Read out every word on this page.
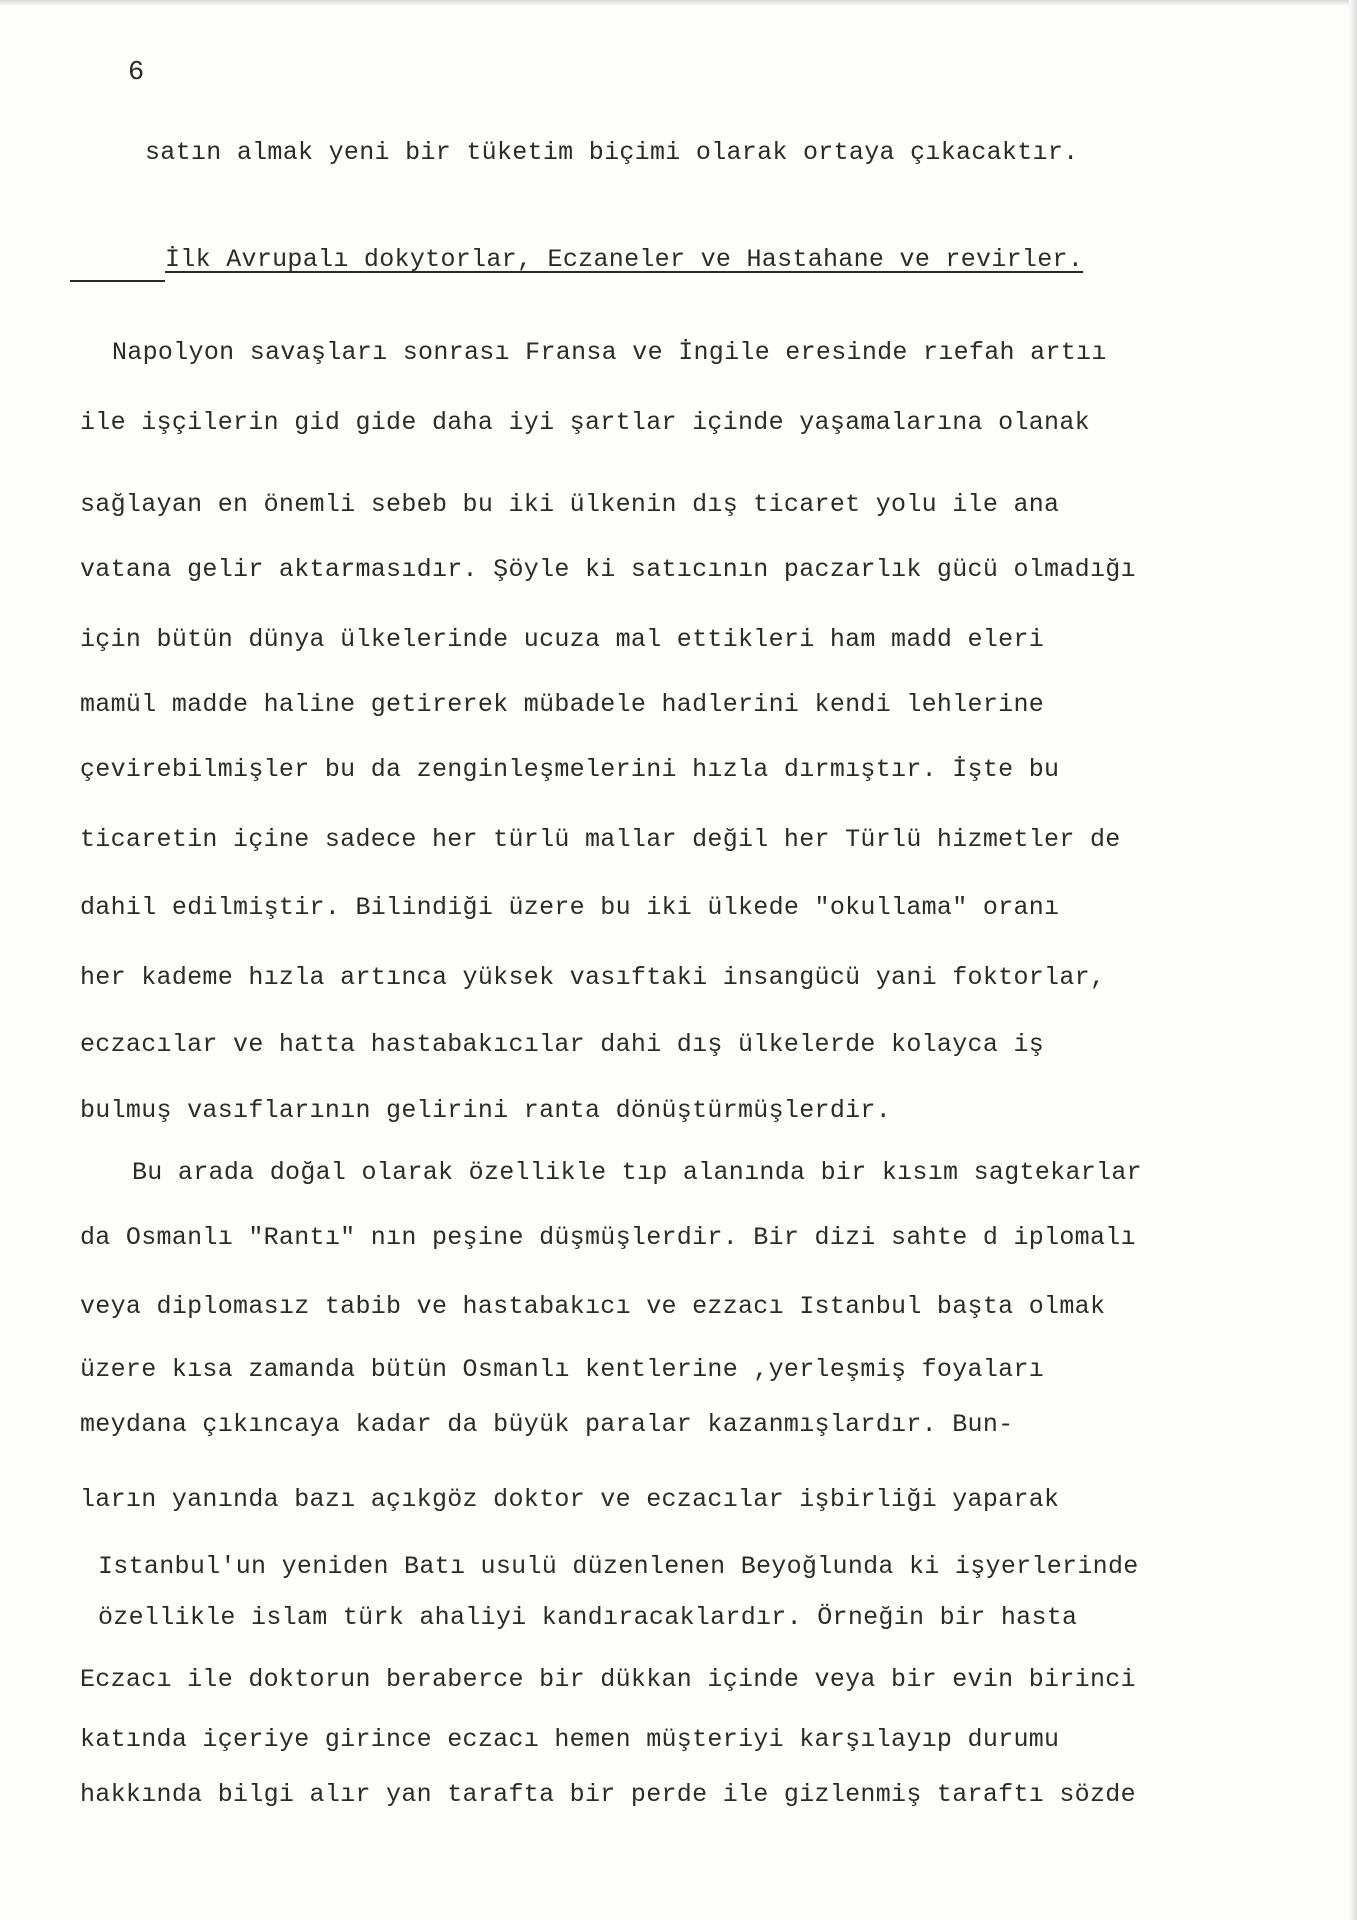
6
satın almak yeni bir tüketim biçimi olarak ortaya çıkacaktır.
İlk Avrupalı dokytorlar, Eczaneler ve Hastahane ve revirler.
Napolyon savaşları sonrası Fransa ve İngile eresinde rıefah artıı
ile işçilerin gid gide daha iyi şartlar içinde yaşamalarına olanak
sağlayan en önemli sebeb bu iki ülkenin dış ticaret yolu ile ana
vatana gelir aktarmasıdır. Şöyle ki satıcının paczarlık gücü olmadığı
için bütün dünya ülkelerinde ucuza mal ettikleri ham madd eleri
mamül madde haline getirerek mübadele hadlerini kendi lehlerine
çevirebilmişler bu da zenginleşmelerini hızla dırmıştır. İşte bu
ticaretin içine sadece her türlü mallar değil her Türlü hizmetler de
dahil edilmiştir. Bilindiği üzere bu iki ülkede "okullama" oranı
her kademe hızla artınca yüksek vasıftaki insangücü yani foktorlar,
eczacılar ve hatta hastabakıcılar dahi dış ülkelerde kolayca iş
bulmuş vasıflarının gelirini ranta dönüştürmüşlerdir.
Bu arada doğal olarak özellikle tıp alanında bir kısım sagtekarlar
da Osmanlı "Rantı" nın peşine düşmüşlerdir. Bir dizi sahte d iplomalı
veya diplomasız tabib ve hastabakıcı ve ezzacı Istanbul başta olmak
üzere kısa zamanda bütün Osmanlı kentlerine ,yerleşmiş foyaları
meydana çıkıncaya kadar da büyük paralar kazanmışlardır. Bun-
ların yanında bazı açıkgöz doktor ve eczacılar işbirliği yaparak
Istanbul'un yeniden Batı usulü düzenlenen Beyoğlunda ki işyerlerinde
özellikle islam türk ahaliyi kandıracaklardır. Örneğin bir hasta
Eczacı ile doktorun beraberce bir dükkan içinde veya bir evin birinci
katında içeriye girince eczacı hemen müşteriyi karşılayıp durumu
hakkında bilgi alır yan tarafta bir perde ile gizlenmiş taraftı sözde
